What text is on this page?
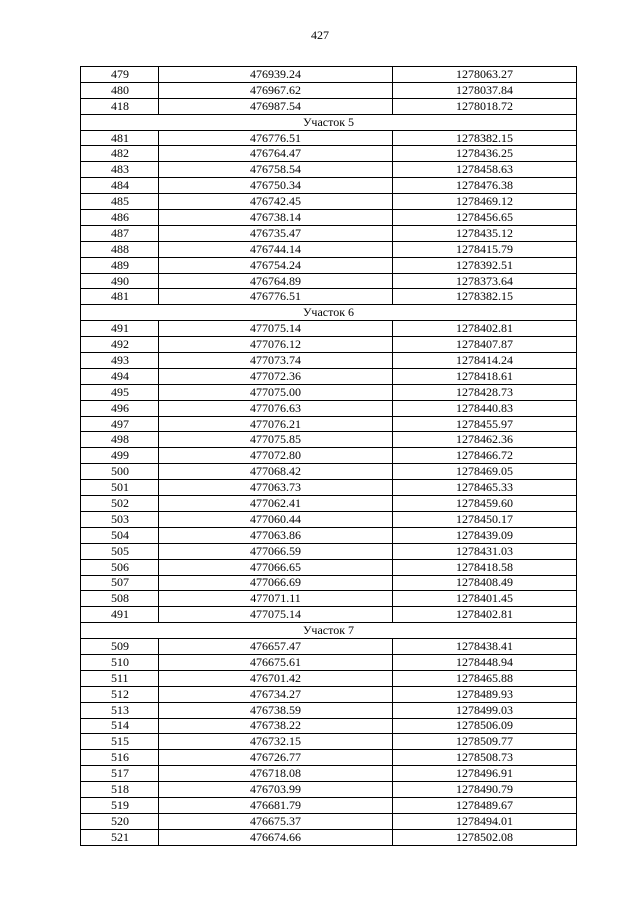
427
479	476939.24	1278063.27
480	476967.62	1278037.84
418	476987.54	1278018.72
Участок 5		
481	476776.51	1278382.15
482	476764.47	1278436.25
483	476758.54	1278458.63
484	476750.34	1278476.38
485	476742.45	1278469.12
486	476738.14	1278456.65
487	476735.47	1278435.12
488	476744.14	1278415.79
489	476754.24	1278392.51
490	476764.89	1278373.64
481	476776.51	1278382.15
Участок 6		
491	477075.14	1278402.81
492	477076.12	1278407.87
493	477073.74	1278414.24
494	477072.36	1278418.61
495	477075.00	1278428.73
496	477076.63	1278440.83
497	477076.21	1278455.97
498	477075.85	1278462.36
499	477072.80	1278466.72
500	477068.42	1278469.05
501	477063.73	1278465.33
502	477062.41	1278459.60
503	477060.44	1278450.17
504	477063.86	1278439.09
505	477066.59	1278431.03
506	477066.65	1278418.58
507	477066.69	1278408.49
508	477071.11	1278401.45
491	477075.14	1278402.81
Участок 7		
509	476657.47	1278438.41
510	476675.61	1278448.94
511	476701.42	1278465.88
512	476734.27	1278489.93
513	476738.59	1278499.03
514	476738.22	1278506.09
515	476732.15	1278509.77
516	476726.77	1278508.73
517	476718.08	1278496.91
518	476703.99	1278490.79
519	476681.79	1278489.67
520	476675.37	1278494.01
521	476674.66	1278502.08
